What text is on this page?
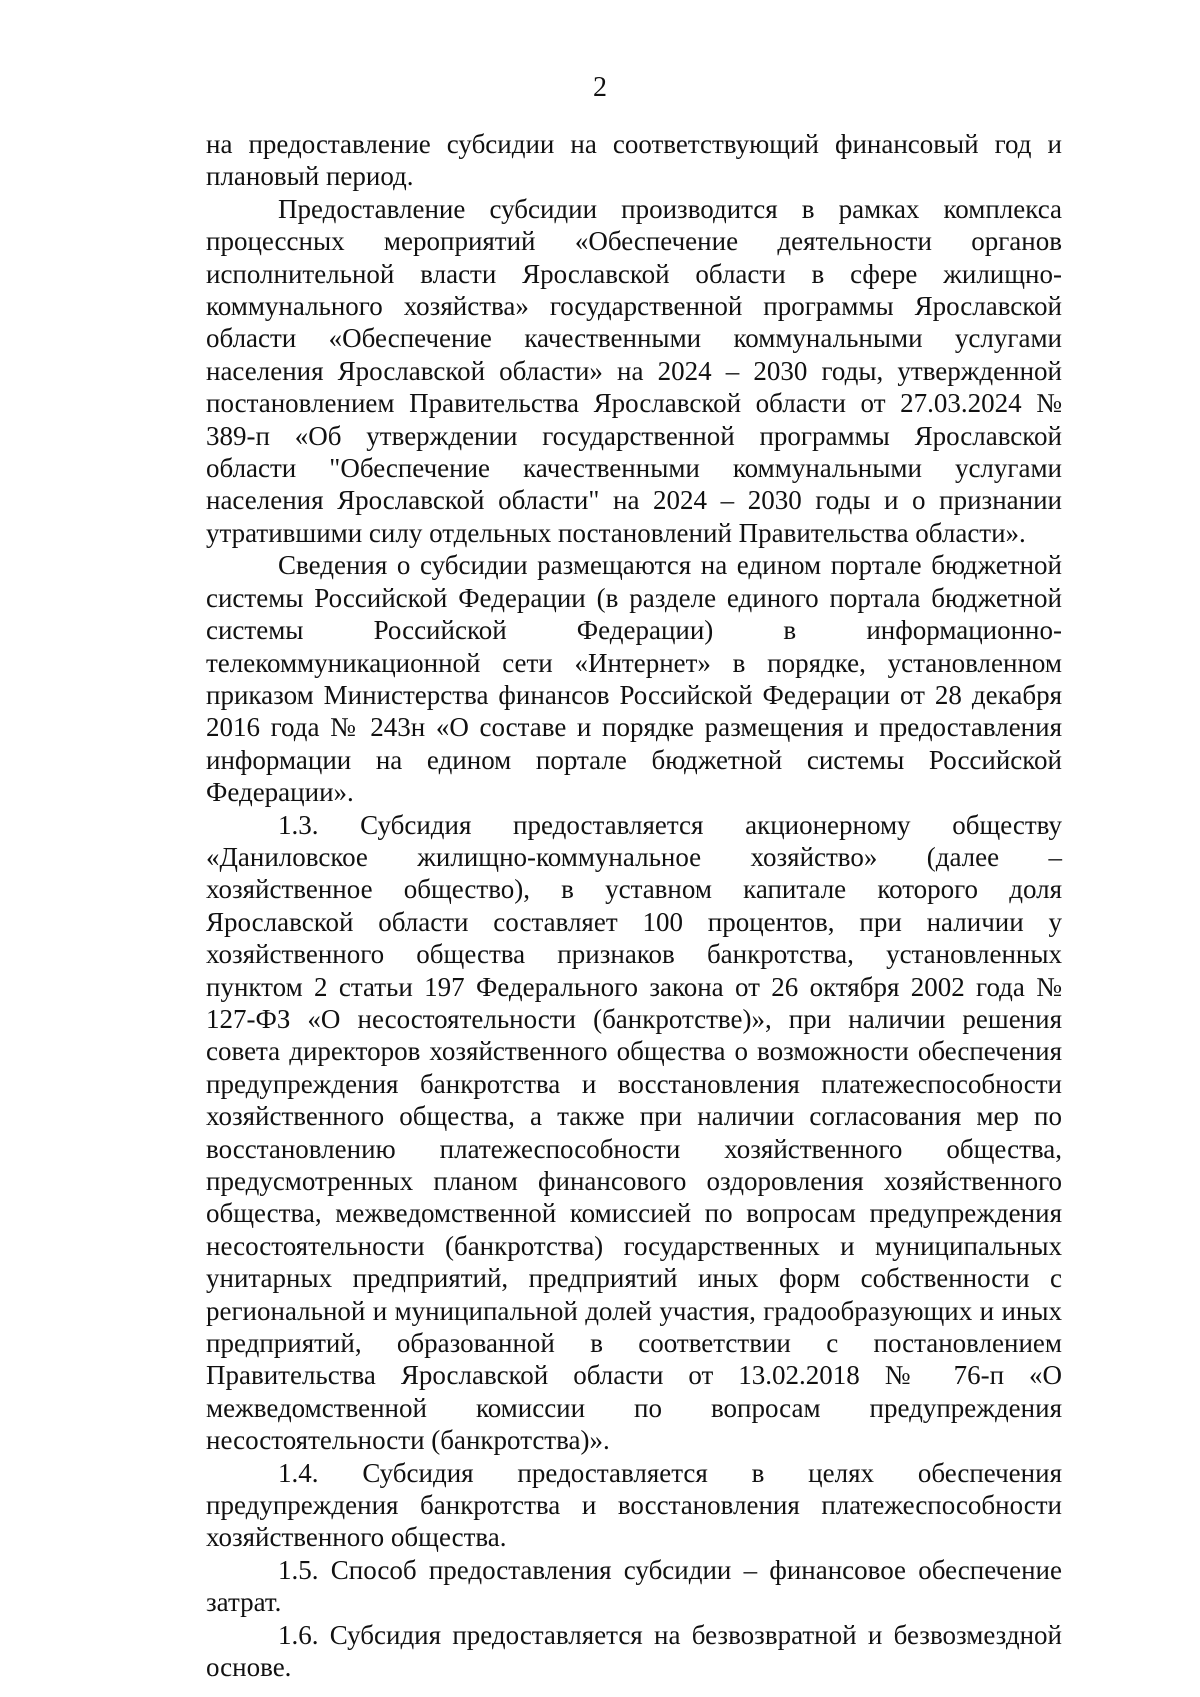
2

на предоставление субсидии на соответствующий финансовый год и плановый период.

Предоставление субсидии производится в рамках комплекса процессных мероприятий «Обеспечение деятельности органов исполнительной власти Ярославской области в сфере жилищно-коммунального хозяйства» государственной программы Ярославской области «Обеспечение качественными коммунальными услугами населения Ярославской области» на 2024 – 2030 годы, утвержденной постановлением Правительства Ярославской области от 27.03.2024 № 389-п «Об утверждении государственной программы Ярославской области "Обеспечение качественными коммунальными услугами населения Ярославской области" на 2024 – 2030 годы и о признании утратившими силу отдельных постановлений Правительства области».

Сведения о субсидии размещаются на едином портале бюджетной системы Российской Федерации (в разделе единого портала бюджетной системы Российской Федерации) в информационно-телекоммуникационной сети «Интернет» в порядке, установленном приказом Министерства финансов Российской Федерации от 28 декабря 2016 года № 243н «О составе и порядке размещения и предоставления информации на едином портале бюджетной системы Российской Федерации».

1.3. Субсидия предоставляется акционерному обществу «Даниловское жилищно-коммунальное хозяйство» (далее – хозяйственное общество), в уставном капитале которого доля Ярославской области составляет 100 процентов, при наличии у хозяйственного общества признаков банкротства, установленных пунктом 2 статьи 197 Федерального закона от 26 октября 2002 года № 127-ФЗ «О несостоятельности (банкротстве)», при наличии решения совета директоров хозяйственного общества о возможности обеспечения предупреждения банкротства и восстановления платежеспособности хозяйственного общества, а также при наличии согласования мер по восстановлению платежеспособности хозяйственного общества, предусмотренных планом финансового оздоровления хозяйственного общества, межведомственной комиссией по вопросам предупреждения несостоятельности (банкротства) государственных и муниципальных унитарных предприятий, предприятий иных форм собственности с региональной и муниципальной долей участия, градообразующих и иных предприятий, образованной в соответствии с постановлением Правительства Ярославской области от 13.02.2018 № 76-п «О межведомственной комиссии по вопросам предупреждения несостоятельности (банкротства)».

1.4. Субсидия предоставляется в целях обеспечения предупреждения банкротства и восстановления платежеспособности хозяйственного общества.

1.5. Способ предоставления субсидии – финансовое обеспечение затрат.

1.6. Субсидия предоставляется на безвозвратной и безвозмездной основе.
